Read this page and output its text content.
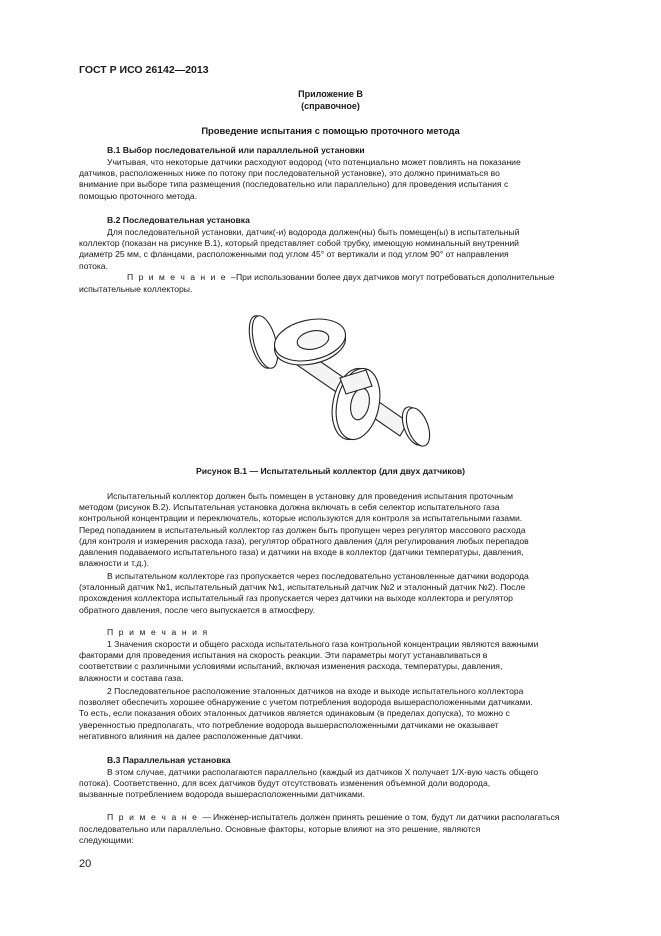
ГОСТ Р ИСО 26142—2013
Приложение В
(справочное)
Проведение испытания с помощью проточного метода
В.1 Выбор последовательной или параллельной установки
Учитывая, что некоторые датчики расходуют водород (что потенциально может повлиять на показание
датчиков, расположенных ниже по потоку при последовательной установке), это должно приниматься во
внимание при выборе типа размещения (последовательно или параллельно) для проведения испытания с
помощью проточного метода.
В.2 Последовательная установка
Для последовательной установки, датчик(-и) водорода должен(ны) быть помещен(ы) в испытательный
коллектор (показан на рисунке В.1), который представляет собой трубку, имеющую номинальный внутренний
диаметр 25 мм, с фланцами, расположенными под углом 45° от вертикали и под углом 90° от направления
потока.
П р и м е ч а н и е –
При использовании более двух датчиков могут потребоваться дополнительные
испытательные коллекторы.
Рисунок В.1 — Испытательный коллектор (для двух датчиков)
Испытательный коллектор должен быть помещен в установку для проведения испытания проточным
методом (рисунок В.2). Испытательная установка должна включать в себя селектор испытательного газа
контрольной концентрации и переключатель, которые используются для контроля за испытательными газами.
Перед попаданием в испытательный коллектор газ должен быть пропущен через регулятор массового расхода
(для контроля и измерения расхода газа), регулятор обратного давления (для регулирования любых перепадов
давления подаваемого испытательного газа) и датчики на входе в коллектор (датчики температуры, давления,
влажности и т.д.).
В испытательном коллекторе газ пропускается через последовательно установленные датчики водорода
(эталонный датчик №1, испытательный датчик №1, испытательный датчик №2 и эталонный датчик №2). После
прохождения коллектора испытательный газ пропускается через датчики на выходе коллектора и регулятор
обратного давления, после чего выпускается в атмосферу.
П р и м е ч а н и я
1 Значения скорости и общего расхода испытательного газа контрольной концентрации являются важными
факторами для проведения испытания на скорость реакции. Эти параметры могут устанавливаться в
соответствии с различными условиями испытаний, включая изменения расхода, температуры, давления,
влажности и состава газа.
2 Последовательное расположение эталонных датчиков на входе и выходе испытательного коллектора
позволяет обеспечить хорошее обнаружение с учетом потребления водорода вышерасположенными датчиками.
То есть, если показания обоих эталонных датчиков является одинаковым (в пределах допуска), то можно с
уверенностью предполагать, что потребление водорода вышерасположенными датчиками не оказывает
негативного влияния на далее расположенные датчики.
В.3 Параллельная установка
В этом случае, датчики располагаются параллельно (каждый из датчиков X получает 1/X-вую часть общего
потока). Соответственно, для всех датчиков будут отсутствовать изменения объемной доли водорода,
вызванные потреблением водорода вышерасположенными датчиками.
П р и м е ч а н е — Инженер-испытатель должен принять решение о том, будут ли датчики располагаться
последовательно или параллельно. Основные факторы, которые влияют на это решение, являются
следующими:
20
